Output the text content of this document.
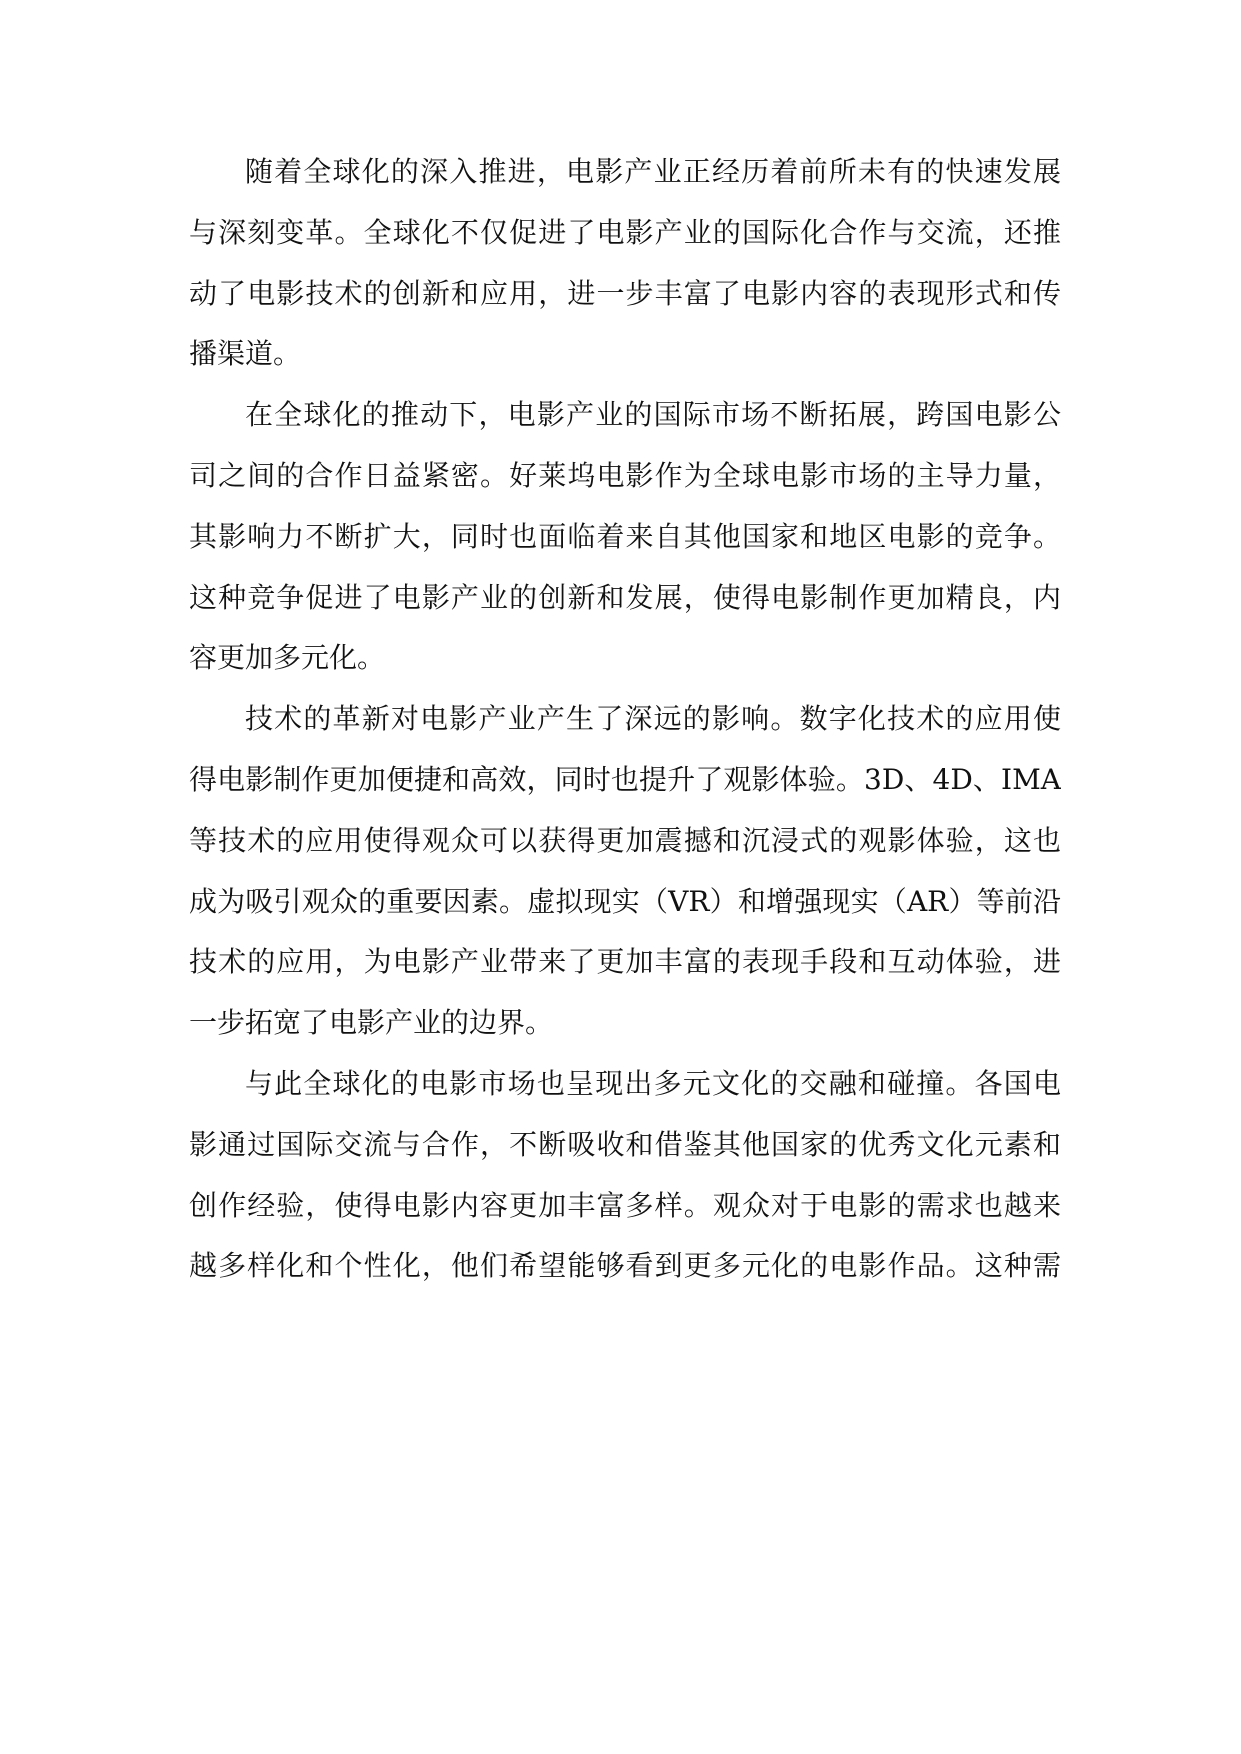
随着全球化的深入推进，电影产业正经历着前所未有的快速发展
与深刻变革。全球化不仅促进了电影产业的国际化合作与交流，还推
动了电影技术的创新和应用，进一步丰富了电影内容的表现形式和传
播渠道。
在全球化的推动下，电影产业的国际市场不断拓展，跨国电影公
司之间的合作日益紧密。好莱坞电影作为全球电影市场的主导力量，
其影响力不断扩大，同时也面临着来自其他国家和地区电影的竞争。
这种竞争促进了电影产业的创新和发展，使得电影制作更加精良，内
容更加多元化。
技术的革新对电影产业产生了深远的影响。数字化技术的应用使
得电影制作更加便捷和高效，同时也提升了观影体验。3D、4D、IMA
等技术的应用使得观众可以获得更加震撼和沉浸式的观影体验，这也
成为吸引观众的重要因素。虚拟现实（VR）和增强现实（AR）等前沿
技术的应用，为电影产业带来了更加丰富的表现手段和互动体验，进
一步拓宽了电影产业的边界。
与此全球化的电影市场也呈现出多元文化的交融和碰撞。各国电
影通过国际交流与合作，不断吸收和借鉴其他国家的优秀文化元素和
创作经验，使得电影内容更加丰富多样。观众对于电影的需求也越来
越多样化和个性化，他们希望能够看到更多元化的电影作品。这种需
